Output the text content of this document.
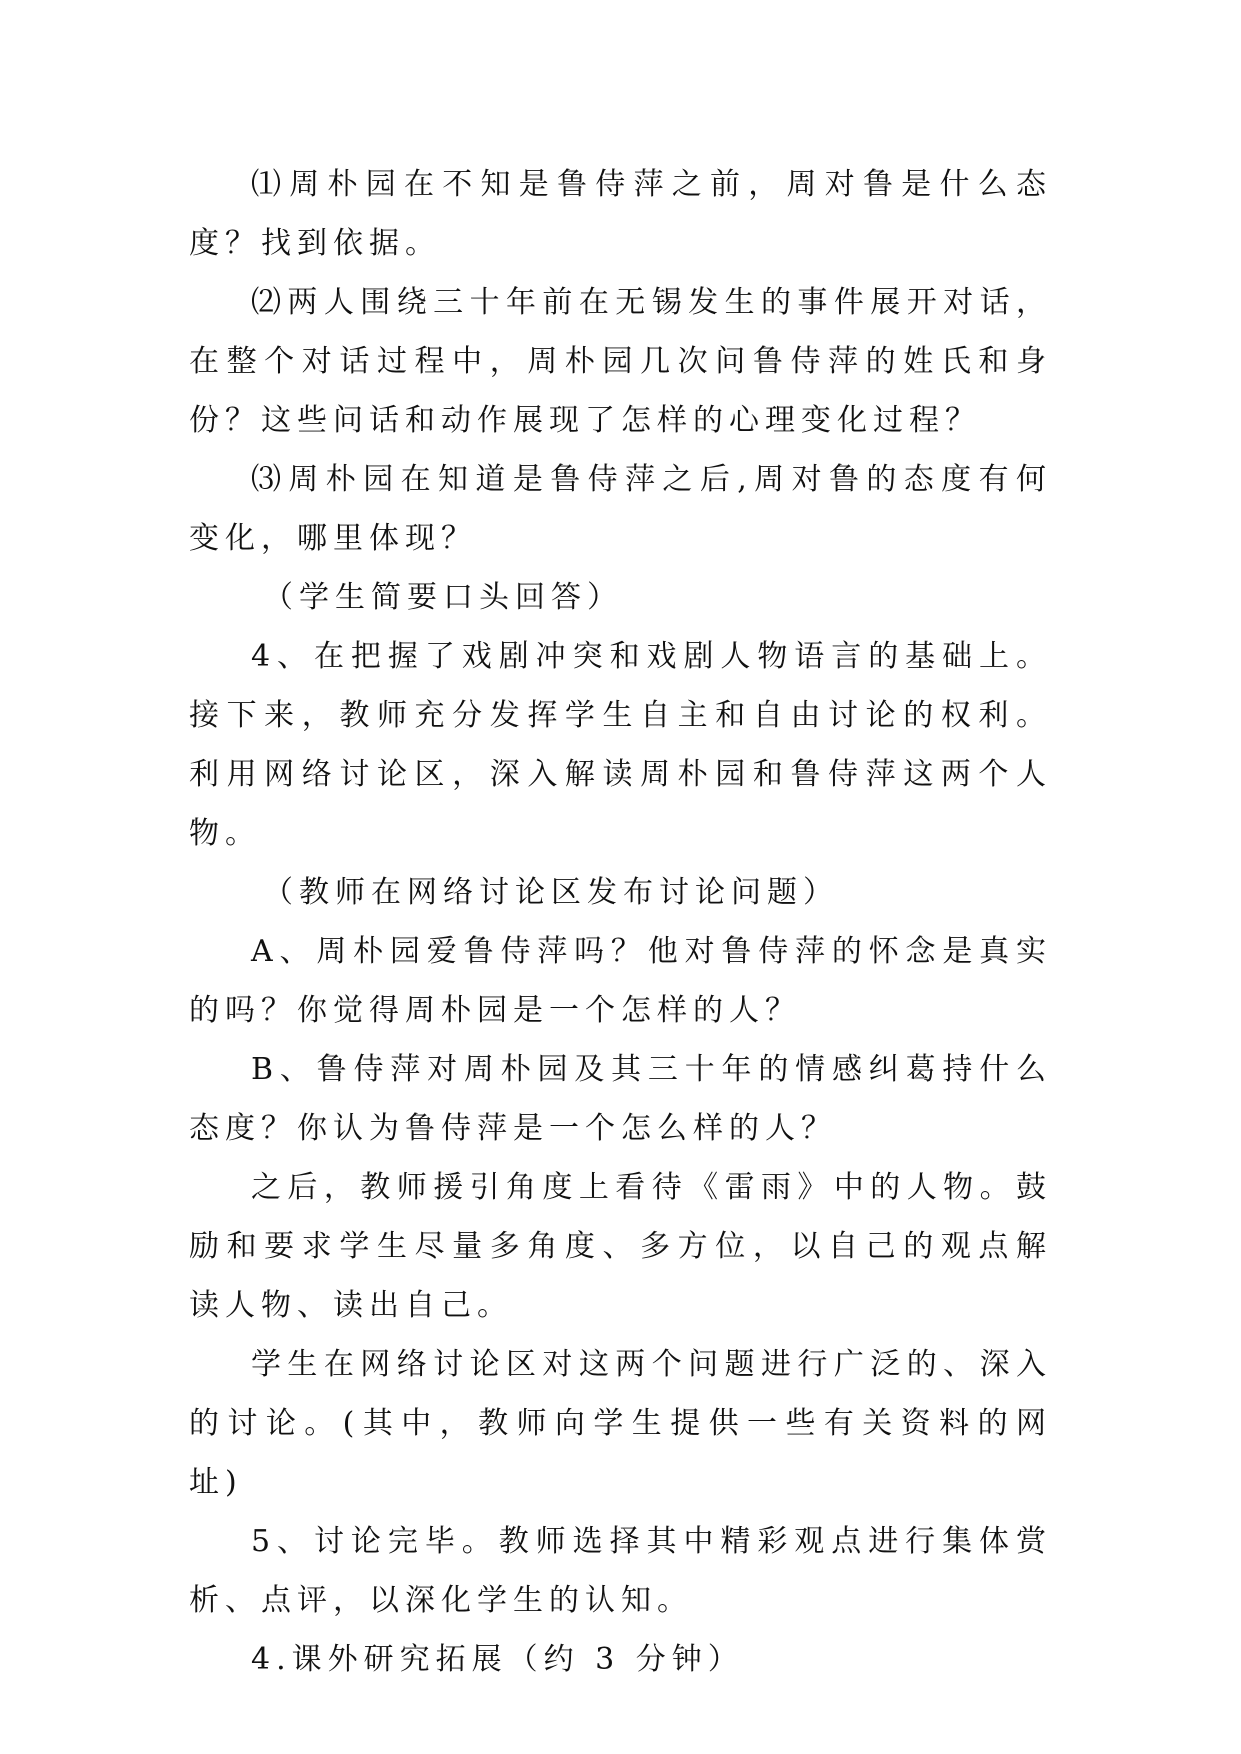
⑴周朴园在不知是鲁侍萍之前，周对鲁是什么态度？找到依据。

⑵两人围绕三十年前在无锡发生的事件展开对话，在整个对话过程中，周朴园几次问鲁侍萍的姓氏和身份？这些问话和动作展现了怎样的心理变化过程？

⑶周朴园在知道是鲁侍萍之后,周对鲁的态度有何变化，哪里体现？

（学生简要口头回答）

4、在把握了戏剧冲突和戏剧人物语言的基础上。接下来，教师充分发挥学生自主和自由讨论的权利。利用网络讨论区，深入解读周朴园和鲁侍萍这两个人物。

（教师在网络讨论区发布讨论问题）

A、周朴园爱鲁侍萍吗？他对鲁侍萍的怀念是真实的吗？你觉得周朴园是一个怎样的人？

B、鲁侍萍对周朴园及其三十年的情感纠葛持什么态度？你认为鲁侍萍是一个怎么样的人？

之后，教师援引角度上看待《雷雨》中的人物。鼓励和要求学生尽量多角度、多方位，以自己的观点解读人物、读出自己。

学生在网络讨论区对这两个问题进行广泛的、深入的讨论。(其中，教师向学生提供一些有关资料的网址)

5、讨论完毕。教师选择其中精彩观点进行集体赏析、点评，以深化学生的认知。

4.课外研究拓展（约 3 分钟）
